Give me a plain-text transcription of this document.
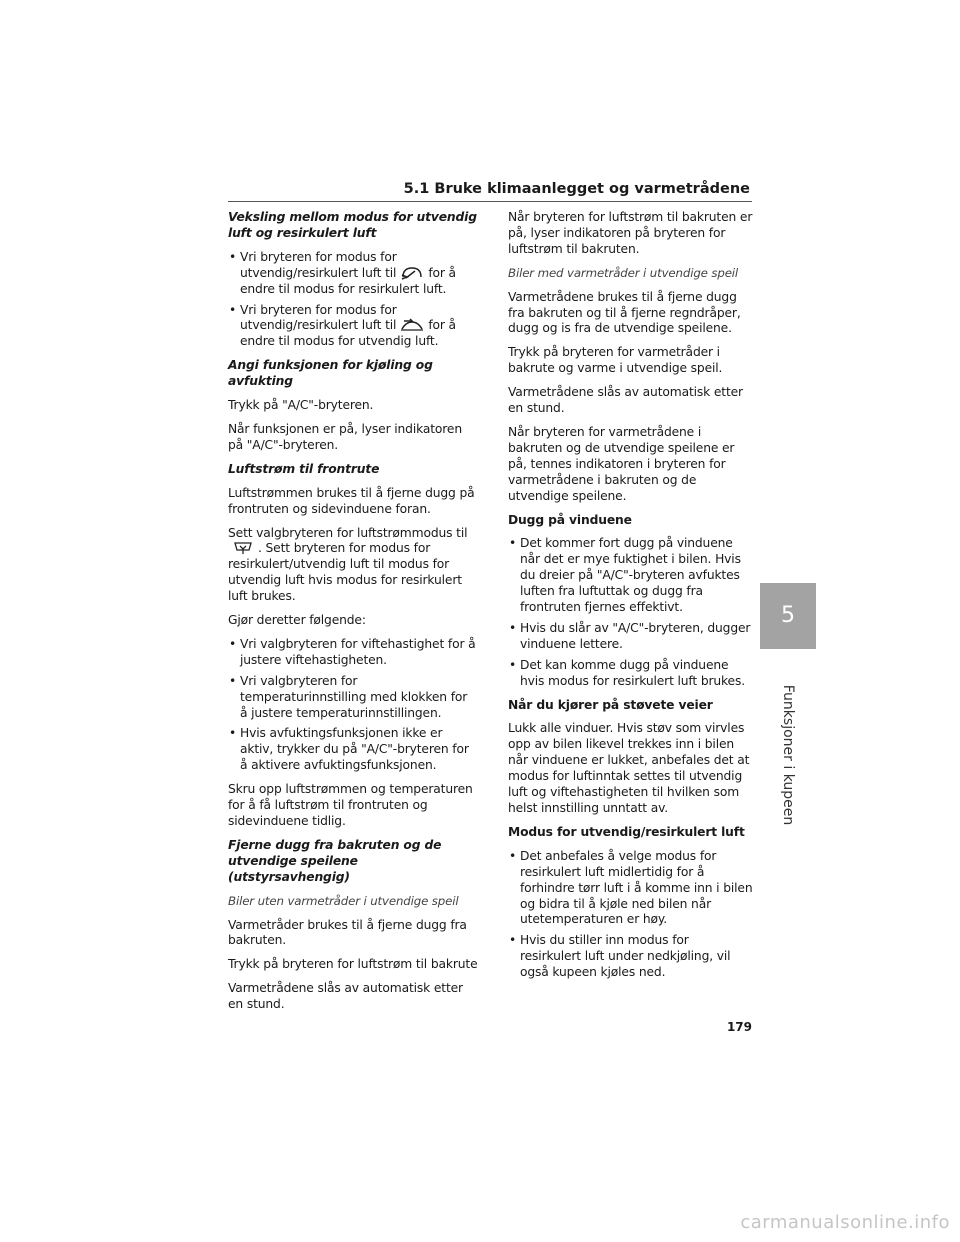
5.1 Bruke klimaanlegget og varmetrådene

Veksling mellom modus for utvendig luft og resirkulert luft

• Vri bryteren for modus for utvendig/resirkulert luft til	for å endre til modus for resirkulert luft.
• Vri bryteren for modus for utvendig/resirkulert luft til	for å endre til modus for utvendig luft.

Angi funksjonen for kjøling og avfukting

Trykk på "A/C"-bryteren.

Når funksjonen er på, lyser indikatoren på "A/C"-bryteren.

Luftstrøm til frontrute

Luftstrømmen brukes til å fjerne dugg på frontruten og sidevinduene foran.

Sett valgbryteren for luftstrømmodus til. Sett bryteren for modus for resirkulert/utvendig luft til modus for utvendig luft hvis modus for resirkulert luft brukes.

Gjør deretter følgende:

• Vri valgbryteren for viftehastighet for å justere viftehastigheten.
• Vri valgbryteren for temperaturinnstilling med klokken for å justere temperaturinnstillingen.
• Hvis avfuktingsfunksjonen ikke er aktiv, trykker du på "A/C"-bryteren for å aktivere avfuktingsfunksjonen.

Skru opp luftstrømmen og temperaturen for å få luftstrøm til frontruten og sidevinduene tidlig.

Fjerne dugg fra bakruten og de utvendige speilene (utstyrsavhengig)

Biler uten varmetråder i utvendige speil

Varmetråder brukes til å fjerne dugg fra bakruten.

Trykk på bryteren for luftstrøm til bakrute

Varmetrådene slås av automatisk etter en stund.

Når bryteren for luftstrøm til bakruten er på, lyser indikatoren på bryteren for luftstrøm til bakruten.

Biler med varmetråder i utvendige speil

Varmetrådene brukes til å fjerne dugg fra bakruten og til å fjerne regndråper, dugg og is fra de utvendige speilene.

Trykk på bryteren for varmetråder i bakrute og varme i utvendige speil.

Varmetrådene slås av automatisk etter en stund.

Når bryteren for varmetrådene i bakruten og de utvendige speilene er på, tennes indikatoren i bryteren for varmetrådene i bakruten og de utvendige speilene.

Dugg på vinduene

• Det kommer fort dugg på vinduene når det er mye fuktighet i bilen. Hvis du dreier på "A/C"-bryteren avfuktes luften fra luftuttak og dugg fra frontruten fjernes effektivt.
• Hvis du slår av "A/C"-bryteren, dugger vinduene lettere.
• Det kan komme dugg på vinduene hvis modus for resirkulert luft brukes.

Når du kjører på støvete veier

Lukk alle vinduer. Hvis støv som virvles opp av bilen likevel trekkes inn i bilen når vinduene er lukket, anbefales det at modus for luftinntak settes til utvendig luft og viftehastigheten til hvilken som helst innstilling unntatt av.

Modus for utvendig/resirkulert luft

• Det anbefales å velge modus for resirkulert luft midlertidig for å forhindre tørr luft i å komme inn i bilen og bidra til å kjøle ned bilen når utetemperaturen er høy.
• Hvis du stiller inn modus for resirkulert luft under nedkjøling, vil også kupeen kjøles ned.
5
Funksjoner i kupeen
179
carmanualsonline.info
